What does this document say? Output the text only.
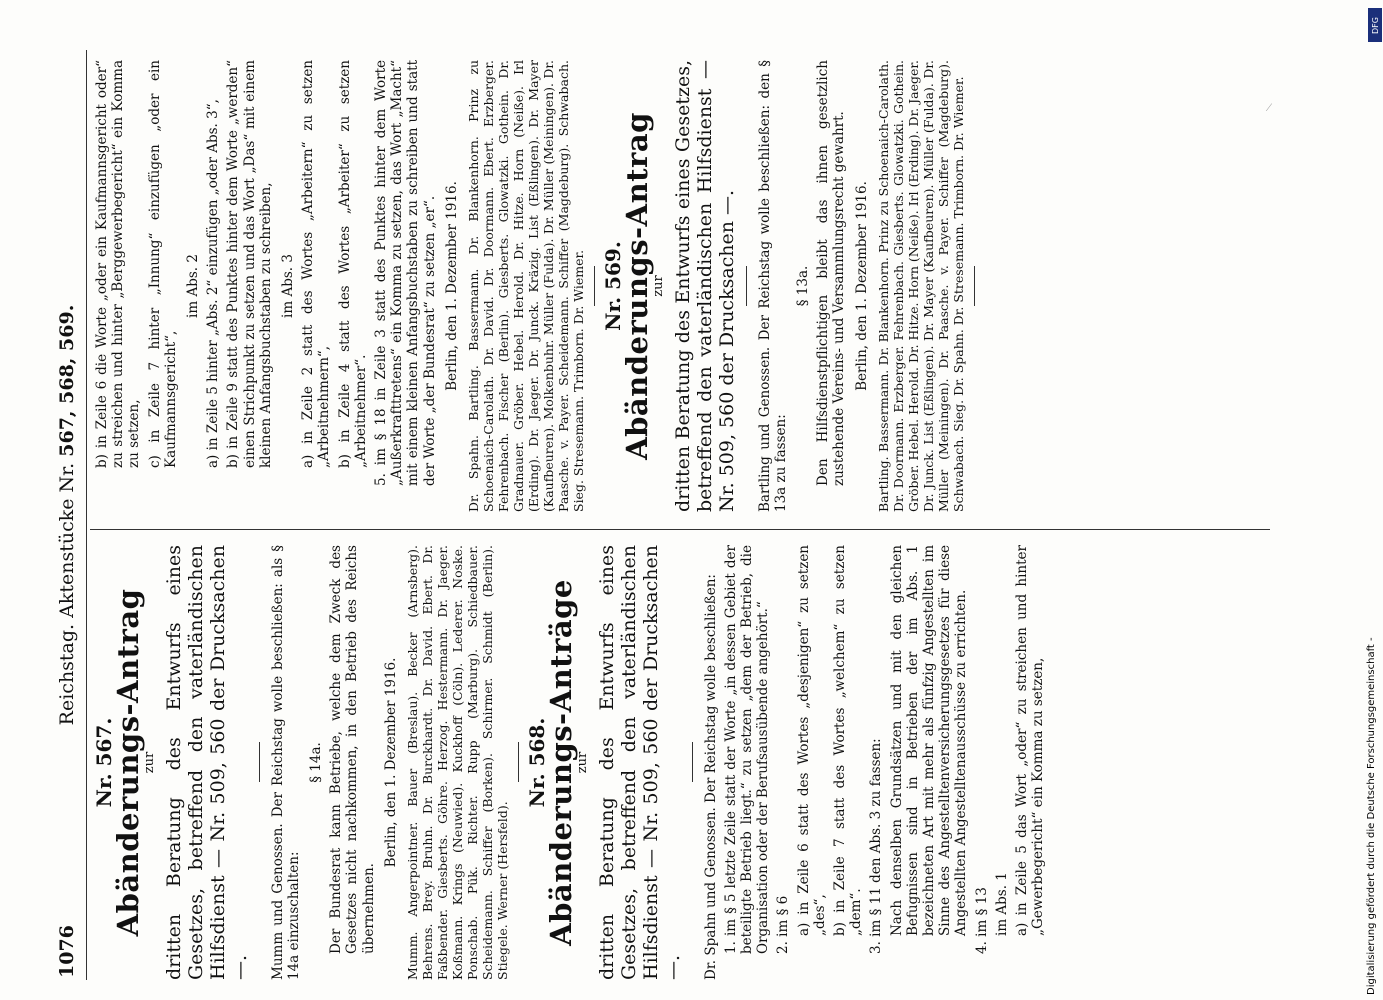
1076
Reichstag. Aktenstücke Nr. 567, 568, 569.
Nr. 567.
Abänderungs-Antrag
zur dritten Beratung des Entwurfs eines Gesetzes, betreffend den vaterländischen Hilfsdienst — Nr. 509, 560 der Drucksachen —. Mumm und Genossen. Der Reichstag wolle beschließen: als § 14a einzuschalten:
§ 14a. Der Bundesrat kann Betriebe, welche dem Zweck des Gesetzes nicht nachkommen, in den Betrieb des Reichs übernehmen.
Berlin, den 1. Dezember 1916. Mumm. Angerpointner. Bauer (Breslau). Becker (Arnsberg). Behrens. Brey. Bruhn. Dr. Burckhardt. Dr. David. Ebert. Dr. Faßbender. Giesberts. Göhre. Herzog. Hestermann. Dr. Jaeger. Koßmann. Krings (Neuwied). Kuckhoff (Cöln). Lederer. Noske. Ponschab. Pük. Richter. Rupp (Marburg). Schiedbauer. Scheidemann. Schiffer (Borken). Schirmer. Schmidt (Berlin). Stiegele. Werner (Hersfeld).
Nr. 568.
Abänderungs-Anträge
zur dritten Beratung des Entwurfs eines Gesetzes, betreffend den vaterländischen Hilfsdienst — Nr. 509, 560 der Drucksachen —. Dr. Spahn und Genossen. Der Reichstag wolle beschließen: 1. im § 5 letzte Zeile statt der Worte „in dessen Gebiet der beteiligte Betrieb liegt.“ zu setzen „dem der Betrieb, die Organisation oder der Berufsausübende angehört.“ 2. im § 6 a) in Zeile 6 statt des Wortes „desjenigen“ zu setzen „des“, b) in Zeile 7 statt des Wortes „welchem“ zu setzen „dem“. 3. im § 11 den Abs. 3 zu fassen: Nach denselben Grundsätzen und mit den gleichen Befugnissen sind in Betrieben der im Abs. 1 bezeichneten Art mit mehr als fünfzig Angestellten im Sinne des Angestelltenversicherungsgesetzes für diese Angestellten Angestelltenausschüsse zu errichten. 4. im § 13 im Abs. 1 a) in Zeile 5 das Wort „oder“ zu streichen und hinter „Gewerbegericht“ ein Komma zu setzen,
b) in Zeile 6 die Worte „oder ein Kaufmannsgericht oder“ zu streichen und hinter „Berggewerbegericht“ ein Komma zu setzen, c) in Zeile 7 hinter „Innung“ einzufügen „oder ein Kaufmannsgericht“,
im Abs. 2 a) in Zeile 5 hinter „Abs. 2“ einzufügen „oder Abs. 3“, b) in Zeile 9 statt des Punktes hinter dem Worte „werden“ einen Strichpunkt zu setzen und das Wort „Das“ mit einem kleinen Anfangsbuchstaben zu schreiben, im Abs. 3 a) in Zeile 2 statt des Wortes „Arbeitern“ zu setzen „Arbeitnehmern“, b) in Zeile 4 statt des Wortes „Arbeiter“ zu setzen „Arbeitnehmer“. 5. im § 18 in Zeile 3 statt des Punktes hinter dem Worte „Außerkrafttretens“ ein Komma zu setzen, das Wort „Macht“ mit einem kleinen Anfangsbuchstaben zu schreiben und statt der Worte „der Bundesrat“ zu setzen „er“. Berlin, den 1. Dezember 1916. Dr. Spahn. Bartling. Bassermann. Dr. Blankenhorn. Prinz zu Schoenaich-Carolath. Dr. David. Dr. Doormann. Ebert. Erzberger. Fehrenbach. Fischer (Berlin). Giesberts. Glowatzki. Gothein. Dr. Gradnauer. Gröber. Hebel. Herold. Dr. Hitze. Horn (Neiße). Irl (Erding). Dr. Jaeger. Dr. Junck. Kräzig. List (Eßlingen). Dr. Mayer (Kaufbeuren). Molkenbuhr. Müller (Fulda). Dr. Müller (Meiningen). Dr. Paasche. v. Payer. Scheidemann. Schiffer (Magdeburg). Schwabach. Sieg. Stresemann. Trimborn. Dr. Wiemer. Nr. 569.
Abänderungs-Antrag
zur dritten Beratung des Entwurfs eines Gesetzes, betreffend den vaterländischen Hilfsdienst — Nr. 509, 560 der Drucksachen —. Bartling und Genossen. Der Reichstag wolle beschließen: den § 13a zu fassen:
§ 13a. Den Hilfsdienstpflichtigen bleibt das ihnen gesetzlich zustehende Vereins- und Versammlungsrecht gewahrt. Berlin, den 1. Dezember 1916. Bartling. Bassermann. Dr. Blankenhorn. Prinz zu Schoenaich-Carolath. Dr. Doormann. Erzberger. Fehrenbach. Giesberts. Glowatzki. Gothein. Gröber. Hebel. Herold. Dr. Hitze. Horn (Neiße). Irl (Erding). Dr. Jaeger. Dr. Junck. List (Eßlingen). Dr. Mayer (Kaufbeuren). Müller (Fulda). Dr. Müller (Meiningen). Dr. Paasche. v. Payer. Schiffer (Magdeburg). Schwabach. Sieg. Dr. Spahn. Dr. Stresemann. Trimborn. Dr. Wiemer.
DFG
Digitalisierung gefördert durch die Deutsche Forschungsgemeinschaft -
⁄
